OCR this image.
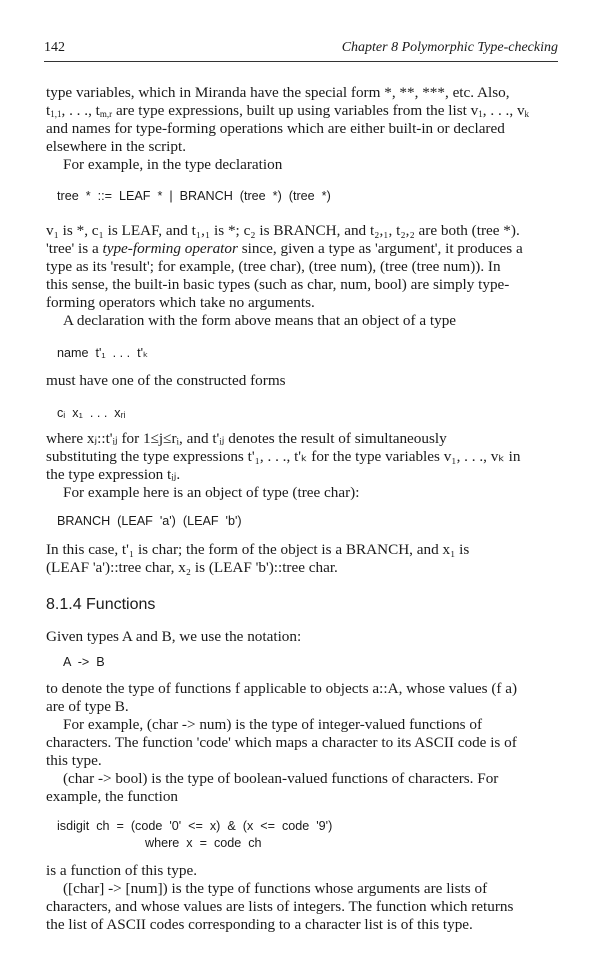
142	Chapter 8 Polymorphic Type-checking
type variables, which in Miranda have the special form *, **, ***, etc. Also,
$t_{1,1}$, . . ., $t_{m,r}$ are type expressions, built up using variables from the list $v_1$, . . ., $v_k$
and names for type-forming operations which are either built-in or declared
elsewhere in the script.
For example, in the type declaration
tree  *  ::=  LEAF  *  |  BRANCH  (tree  *)  (tree  *)
v₁ is *, c₁ is LEAF, and t₁,₁ is *; c₂ is BRANCH, and t₂,₁, t₂,₂ are both (tree *).
'tree' is a type-forming operator since, given a type as 'argument', it produces a
type as its 'result'; for example, (tree char), (tree num), (tree (tree num)). In
this sense, the built-in basic types (such as char, num, bool) are simply type-
forming operators which take no arguments.
A declaration with the form above means that an object of a type
name  t'₁  . . .  t'ₖ
must have one of the constructed forms
cᵢ  x₁  . . .  xᵣᵢ
where xⱼ::t'ᵢⱼ for 1≤j≤rᵢ, and t'ᵢⱼ denotes the result of simultaneously
substituting the type expressions t'₁, . . ., t'ₖ for the type variables v₁, . . ., vₖ in
the type expression tᵢⱼ.
For example here is an object of type (tree char):
BRANCH  (LEAF  'a')  (LEAF  'b')
In this case, t'₁ is char; the form of the object is a BRANCH, and x₁ is
(LEAF 'a')::tree char, x₂ is (LEAF 'b')::tree char.
8.1.4 Functions
Given types A and B, we use the notation:
A  ->  B
to denote the type of functions f applicable to objects a::A, whose values (f a)
are of type B.
For example, (char -> num) is the type of integer-valued functions of
characters. The function 'code' which maps a character to its ASCII code is of
this type.
(char -> bool) is the type of boolean-valued functions of characters. For
example, the function
isdigit  ch  =  (code  '0'  <=  x)  &  (x  <=  code  '9')
where  x  =  code  ch
is a function of this type.
([char] -> [num]) is the type of functions whose arguments are lists of
characters, and whose values are lists of integers. The function which returns
the list of ASCII codes corresponding to a character list is of this type.
